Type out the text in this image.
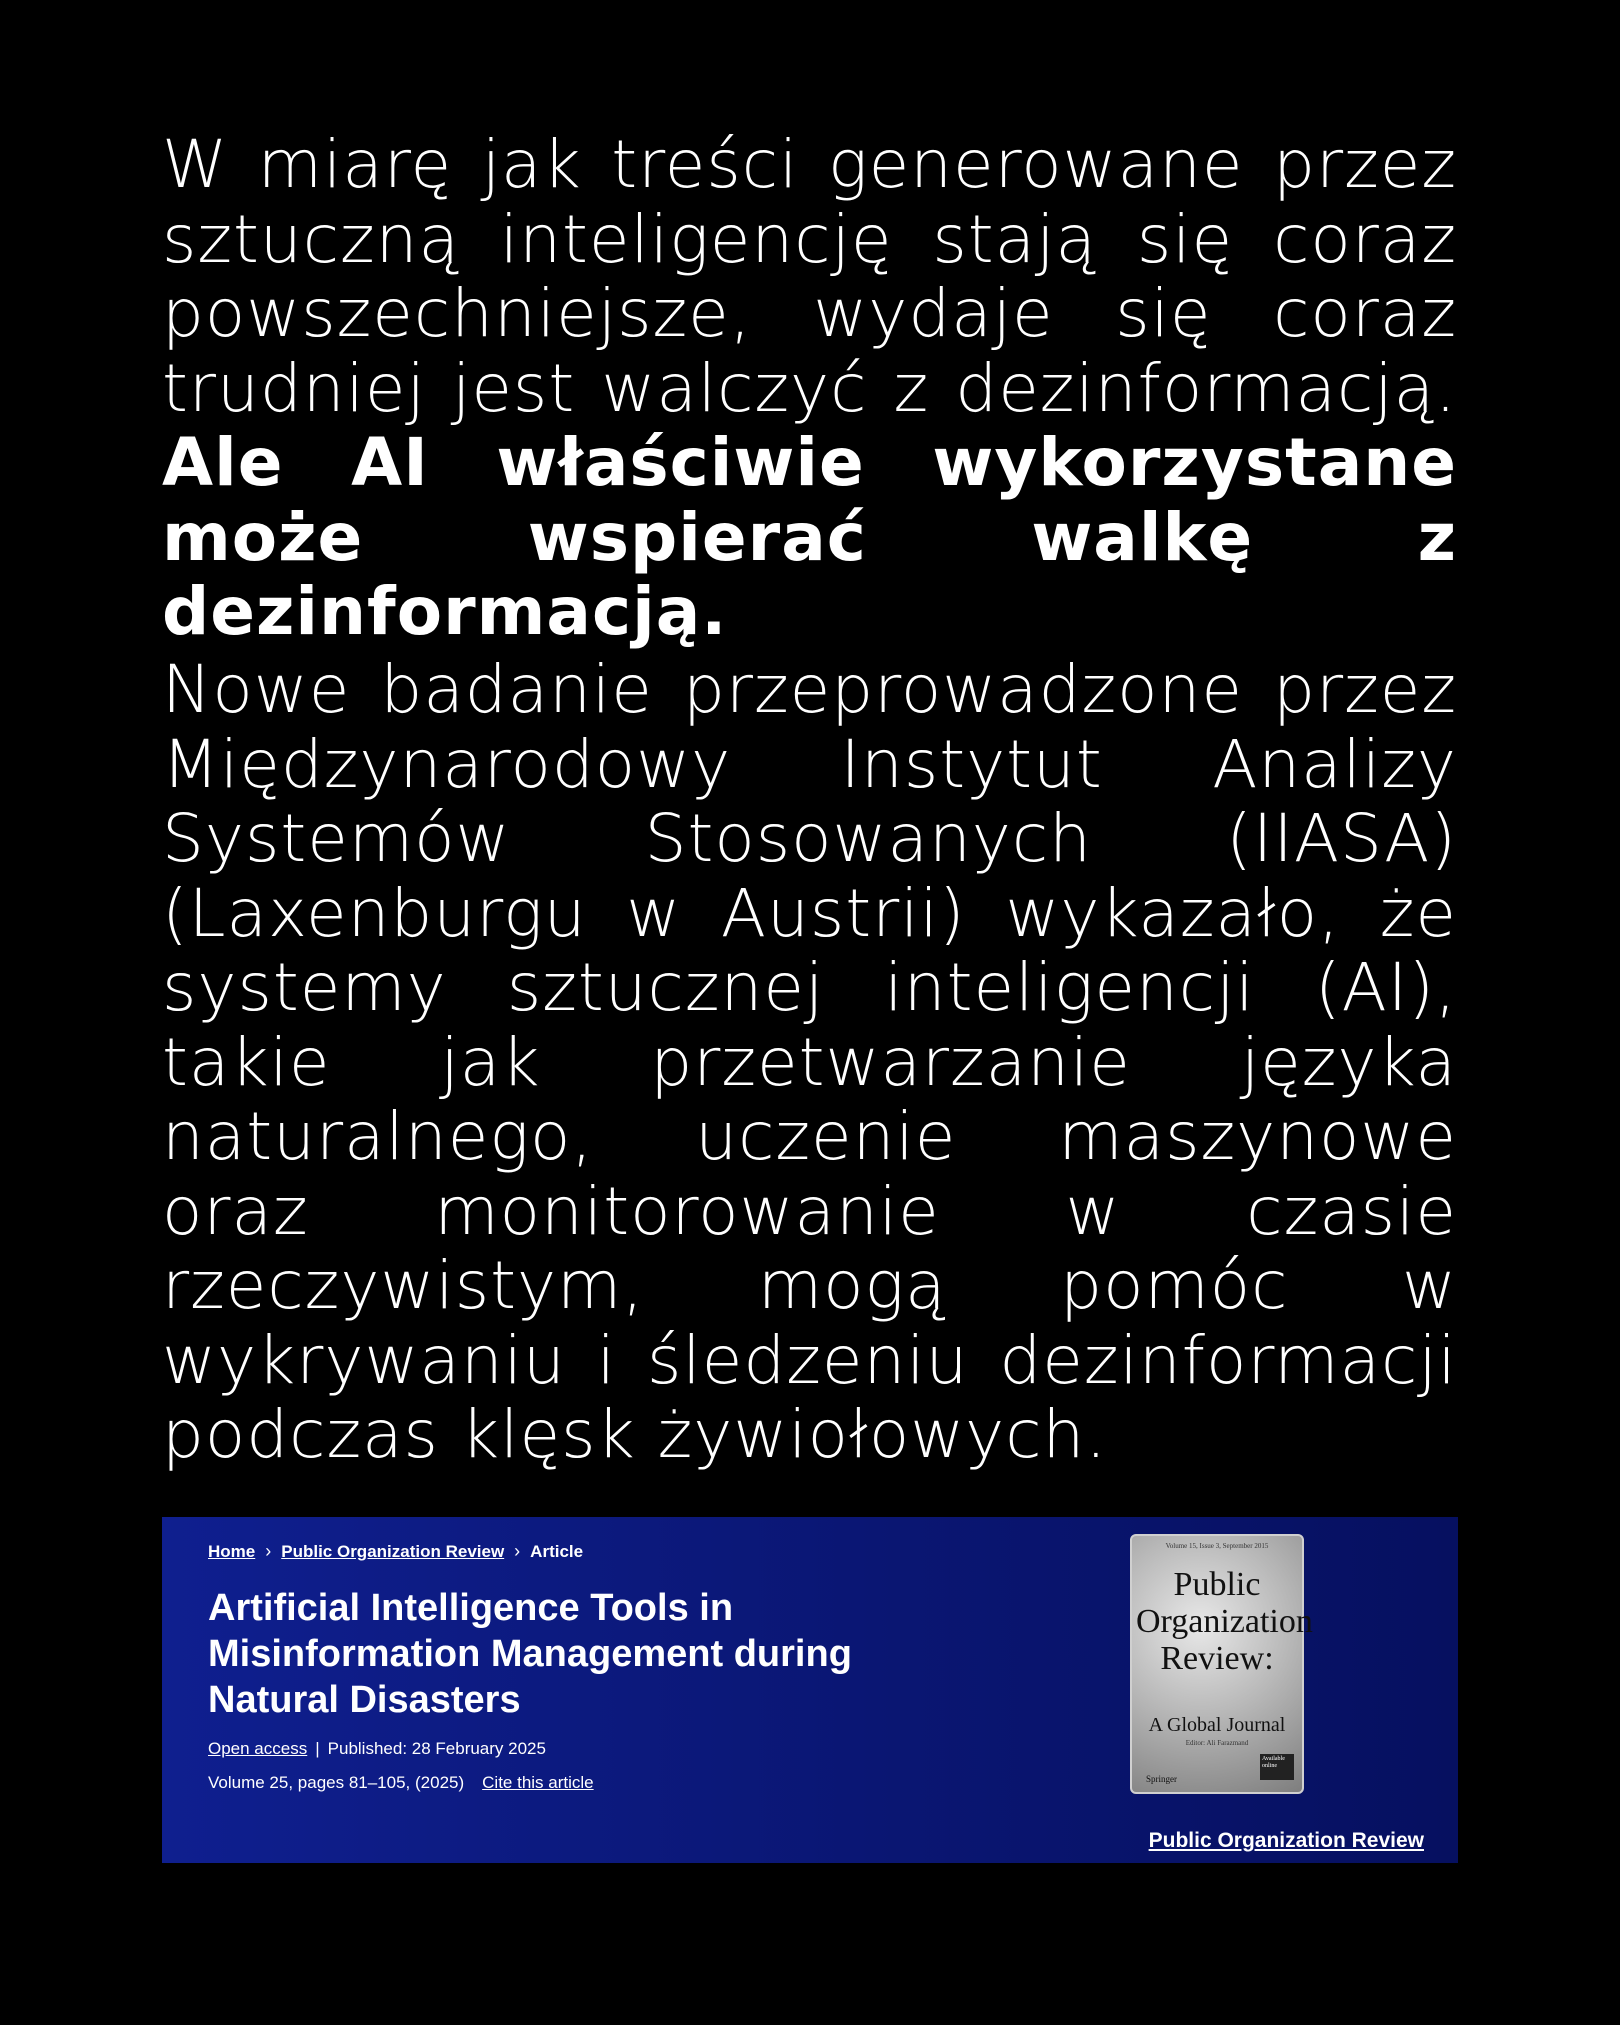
W miarę jak treści generowane przez sztuczną inteligencję stają się coraz powszechniejsze, wydaje się coraz trudniej jest walczyć z dezinformacją. Ale AI właściwie wykorzystane może wspierać walkę z dezinformacją.

Nowe badanie przeprowadzone przez Międzynarodowy Instytut Analizy Systemów Stosowanych (IIASA) (Laxenburgu w Austrii) wykazało, że systemy sztucznej inteligencji (AI), takie jak przetwarzanie języka naturalnego, uczenie maszynowe oraz monitorowanie w czasie rzeczywistym, mogą pomóc w wykrywaniu i śledzeniu dezinformacji podczas klęsk żywiołowych.

Home › Public Organization Review › Article
Artificial Intelligence Tools in Misinformation Management during Natural Disasters
Open access | Published: 28 February 2025
Volume 25, pages 81–105, (2025) Cite this article
Volume 15, Issue 3, September 2015
Public Organization Review:
A Global Journal
Editor: Ali Farazmand
Springer
Available online
Public Organization Review
